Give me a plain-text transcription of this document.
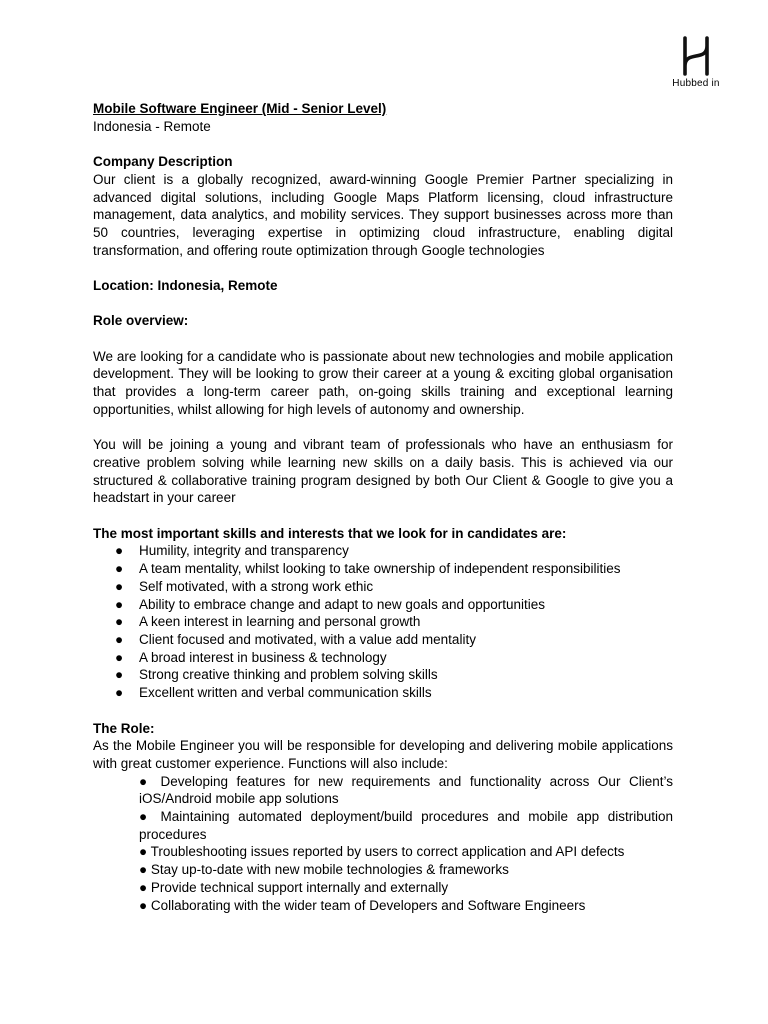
Hubbed in
Mobile Software Engineer (Mid - Senior Level)
Indonesia - Remote
Company Description
Our client is a globally recognized, award-winning Google Premier Partner specializing in advanced digital solutions, including Google Maps Platform licensing, cloud infrastructure management, data analytics, and mobility services. They support businesses across more than 50 countries, leveraging expertise in optimizing cloud infrastructure, enabling digital transformation, and offering route optimization through Google technologies
Location: Indonesia, Remote
Role overview:
We are looking for a candidate who is passionate about new technologies and mobile application development. They will be looking to grow their career at a young & exciting global organisation that provides a long-term career path, on-going skills training and exceptional learning opportunities, whilst allowing for high levels of autonomy and ownership.
You will be joining a young and vibrant team of professionals who have an enthusiasm for creative problem solving while learning new skills on a daily basis. This is achieved via our structured & collaborative training program designed by both Our Client & Google to give you a headstart in your career
The most important skills and interests that we look for in candidates are:
● Humility, integrity and transparency
● A team mentality, whilst looking to take ownership of independent responsibilities
● Self motivated, with a strong work ethic
● Ability to embrace change and adapt to new goals and opportunities
● A keen interest in learning and personal growth
● Client focused and motivated, with a value add mentality
● A broad interest in business & technology
● Strong creative thinking and problem solving skills
● Excellent written and verbal communication skills
The Role:
As the Mobile Engineer you will be responsible for developing and delivering mobile applications with great customer experience. Functions will also include:
● Developing features for new requirements and functionality across Our Client’s iOS/Android mobile app solutions
● Maintaining automated deployment/build procedures and mobile app distribution procedures
● Troubleshooting issues reported by users to correct application and API defects
● Stay up-to-date with new mobile technologies & frameworks
● Provide technical support internally and externally
● Collaborating with the wider team of Developers and Software Engineers
